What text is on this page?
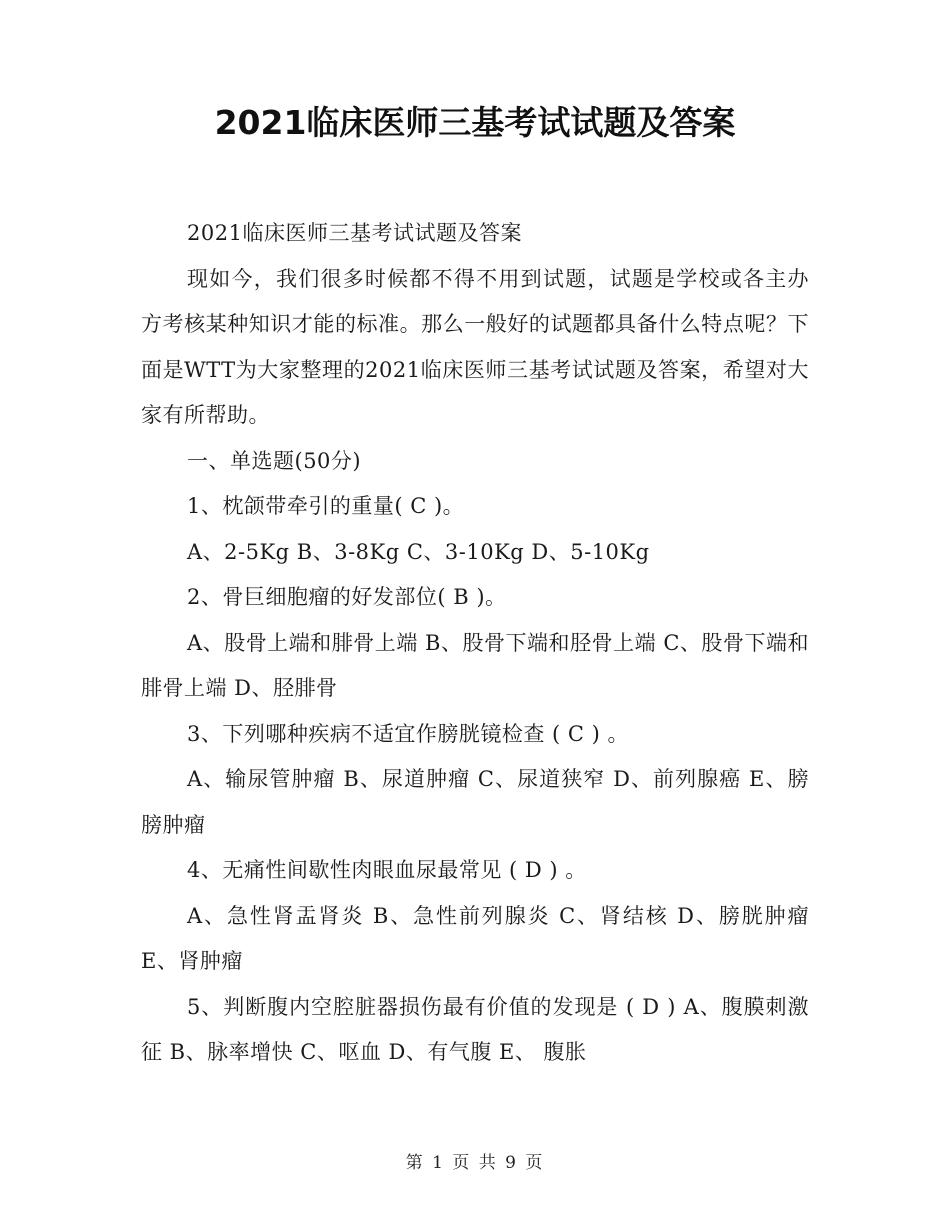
2021临床医师三基考试试题及答案

2021临床医师三基考试试题及答案

现如今，我们很多时候都不得不用到试题，试题是学校或各主办方考核某种知识才能的标准。那么一般好的试题都具备什么特点呢？下面是WTT为大家整理的2021临床医师三基考试试题及答案，希望对大家有所帮助。

一、单选题(50分)

1、枕颌带牵引的重量( C )。

A、2-5Kg B、3-8Kg C、3-10Kg D、5-10Kg

2、骨巨细胞瘤的好发部位( B )。

A、股骨上端和腓骨上端 B、股骨下端和胫骨上端 C、股骨下端和腓骨上端 D、胫腓骨

3、下列哪种疾病不适宜作膀胱镜检查 ( C ) 。

A、输尿管肿瘤 B、尿道肿瘤 C、尿道狭窄 D、前列腺癌 E、膀膀肿瘤

4、无痛性间歇性肉眼血尿最常见 ( D ) 。

A、急性肾盂肾炎 B、急性前列腺炎 C、肾结核 D、膀胱肿瘤 E、肾肿瘤

5、判断腹内空腔脏器损伤最有价值的发现是 ( D ) A、腹膜刺激征 B、脉率增快 C、呕血 D、有气腹 E、 腹胀

第 1 页 共 9 页
